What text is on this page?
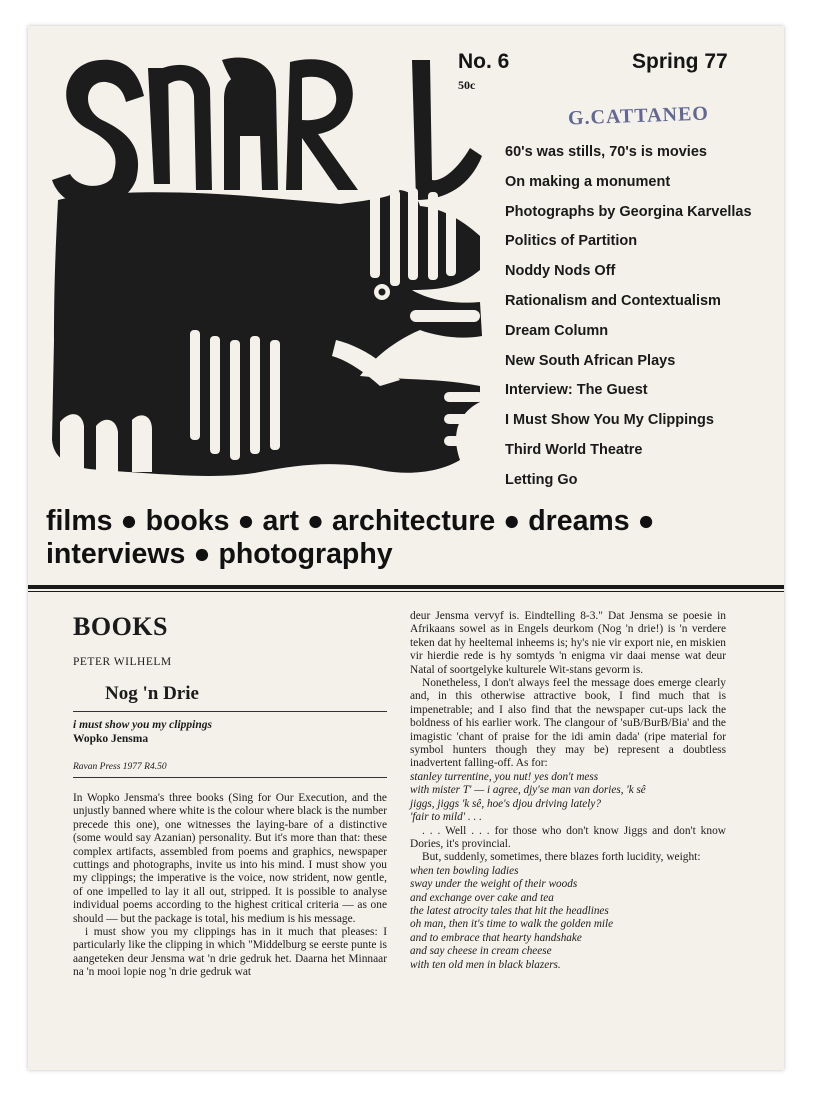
No. 6
50c
Spring 77
G.CATTANEO
60's was stills, 70's is movies
On making a monument
Photographs by Georgina Karvellas
Politics of Partition
Noddy Nods Off
Rationalism and Contextualism
Dream Column
New South African Plays
Interview: The Guest
I Must Show You My Clippings
Third World Theatre
Letting Go
films ● books ● art ● architecture ● dreams ●
interviews ● photography
BOOKS
PETER WILHELM
Nog 'n Drie
i must show you my clippings
Wopko Jensma
Ravan Press 1977 R4.50

In Wopko Jensma's three books (Sing for Our Execution, and the unjustly banned where white is the colour where black is the number precede this one), one witnesses the laying-bare of a distinctive (some would say Azanian) personality. But it's more than that: these complex artifacts, assembled from poems and graphics, newspaper cuttings and photographs, invite us into his mind. I must show you my clippings; the imperative is the voice, now strident, now gentle, of one impelled to lay it all out, stripped. It is possible to analyse individual poems according to the highest critical criteria — as one should — but the package is total, his medium is his message.

i must show you my clippings has in it much that pleases: I particularly like the clipping in which "Middelburg se eerste punte is aangeteken deur Jensma wat 'n drie gedruk het. Daarna het Minnaar na 'n mooi lopie nog 'n drie gedruk wat

deur Jensma vervyf is. Eindtelling 8-3." Dat Jensma se poesie in Afrikaans sowel as in Engels deurkom (Nog 'n drie!) is 'n verdere teken dat hy heeltemal inheems is; hy's nie vir export nie, en miskien vir hierdie rede is hy somtyds 'n enigma vir daai mense wat deur Natal of soortgelyke kulturele Wit-stans gevorm is.

Nonetheless, I don't always feel the message does emerge clearly and, in this otherwise attractive book, I find much that is impenetrable; and I also find that the newspaper cut-ups lack the boldness of his earlier work. The clangour of 'suB/BurB/Bia' and the imagistic 'chant of praise for the idi amin dada' (ripe material for symbol hunters though they may be) represent a doubtless inadvertent falling-off. As for:

stanley turrentine, you nut! yes don't mess
with mister T' — i agree, djy'se man van dories, 'k sê
jiggs, jiggs 'k sê, hoe's djou driving lately?
'fair to mild' . . .

. . . Well . . . for those who don't know Jiggs and don't know Dories, it's provincial.

But, suddenly, sometimes, there blazes forth lucidity, weight:

when ten bowling ladies
sway under the weight of their woods
and exchange over cake and tea
the latest atrocity tales that hit the headlines
oh man, then it's time to walk the golden mile
and to embrace that hearty handshake
and say cheese in cream cheese
with ten old men in black blazers.
